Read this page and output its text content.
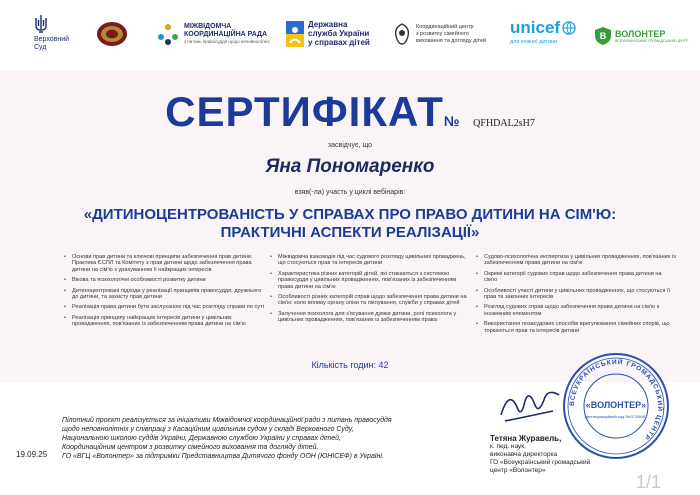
Верховний
Суд
МІЖВІДОМЧА
КООРДИНАЦІЙНА РАДА
з питань правосуддя щодо неповнолітніх
Державна
служба України
у справах дітей
Координаційний центр
з розвитку сімейного
виховання та догляду дітей
unicef
для кожної дитини
B ВОЛОНТЕР
ВСЕУКРАЇНСЬКИЙ ГРОМАДСЬКИЙ ЦЕНТР
СЕРТИФІКАТ№ QFHDAL2sH7
засвідчує, що
Яна Пономаренко
взяв(-ла) участь у циклі вебінарів:
«ДИТИНОЦЕНТРОВАНІСТЬ У СПРАВАХ ПРО ПРАВО ДИТИНИ НА СІМ'Ю:
ПРАКТИЧНІ АСПЕКТИ РЕАЛІЗАЦІЇ»
• Основи прав дитини та ключові принципи забезпечення прав дитини. Практика ЄСПЛ та Комітету з прав дитини щодо забезпечення права дитини на сім'ю з урахуванням її найкращих інтересів
• Вікова та психологічні особливості розвитку дитини
• Дитиноцентровані підходи у реалізації принципів правосуддя, дружнього до дитини, та захисту прав дитини
• Реалізація права дитини бути заслуханою під час розгляду справи по суті
• Реалізація принципу найкращих інтересів дитини у цивільних провадженнях, пов'язаних із забезпеченням права дитини на сім'ю
• Міжвідомча взаємодія під час судового розгляду цивільних проваджень, що стосуються прав та інтересів дитини
• Характеристика різних категорій дітей, які стикаються з системою правосуддя у цивільних провадженнях, пов'язаних із забезпеченням права дитини на сім'ю
• Особливості різних категорій справ щодо забезпечення права дитини на сім'ю: коло впливу органу опіки та піклування, служби у справах дітей
• Залучення психолога для з'ясування думки дитини, ролі психолога у цивільних провадженнях, пов'язаних із забезпеченням права
• Судово-психологічна експертиза у цивільних провадженнях, пов'язаних із забезпеченням права дитини на сім'ю
• Окремі категорії судових справ щодо забезпечення права дитини на сім'ю
• Особливості участі дитини у цивільних провадженнях, що стосуються її прав та законних інтересів
• Розгляд судових справ щодо забезпечення права дитини на сім'ю з іноземним елементом
• Використання позасудових способів врегулювання сімейних спорів, що торкаються прав та інтересів дитини
Кількість годин: 42
ВСЕУКРАЇНСЬКИЙ ГРОМАДСЬКИЙ ЦЕНТР
«ВОЛОНТЕР»
ідентифікаційний код №21708967
Пілотний проєкт реалізується за ініціативи Міжвідомчої координаційної ради з питань правосуддя
щодо неповнолітніх у співпраці з Касаційним цивільним судом у складі Верховного Суду,
Національною школою суддів України, Державною службою України у справах дітей,
Координаційним центром з розвитку сімейного виховання та догляду дітей,
ГО «ВГЦ «Волонтер» за підтримки Представництва Дитячого фонду ООН (ЮНІСЕФ) в Україні.
Тетяна Журавель,
к. пед. наук,
виконавча директорка
ГО «Всеукраїнський громадський
центр «Волонтер»
19.09.25
1/1
